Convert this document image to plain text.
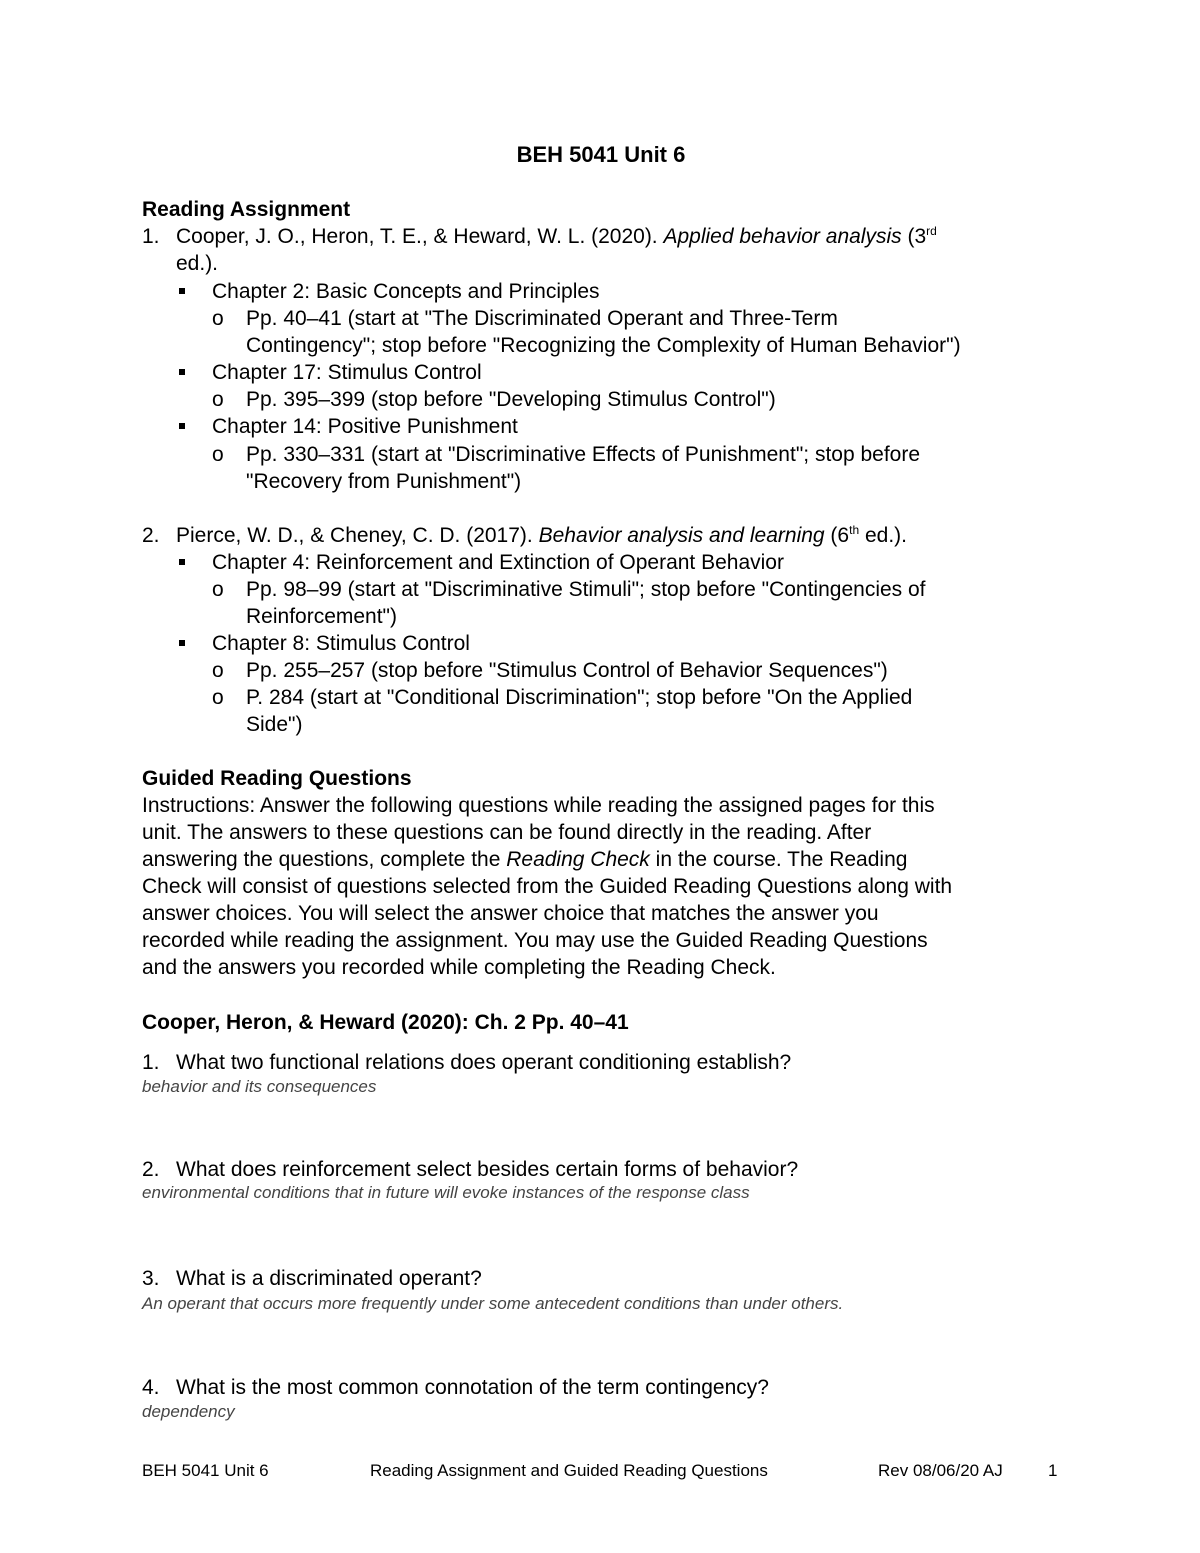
BEH 5041 Unit 6
Reading Assignment
1. Cooper, J. O., Heron, T. E., & Heward, W. L. (2020). Applied behavior analysis (3rd
ed.).
Chapter 2: Basic Concepts and Principles
o Pp. 40–41 (start at "The Discriminated Operant and Three-Term
Contingency"; stop before "Recognizing the Complexity of Human Behavior")
Chapter 17: Stimulus Control
o Pp. 395–399 (stop before "Developing Stimulus Control")
Chapter 14: Positive Punishment
o Pp. 330–331 (start at "Discriminative Effects of Punishment"; stop before
"Recovery from Punishment")
2. Pierce, W. D., & Cheney, C. D. (2017). Behavior analysis and learning (6th ed.).
Chapter 4: Reinforcement and Extinction of Operant Behavior
o Pp. 98–99 (start at "Discriminative Stimuli"; stop before "Contingencies of
Reinforcement")
Chapter 8: Stimulus Control
o Pp. 255–257 (stop before "Stimulus Control of Behavior Sequences")
o P. 284 (start at "Conditional Discrimination"; stop before "On the Applied
Side")
Guided Reading Questions
Instructions: Answer the following questions while reading the assigned pages for this
unit. The answers to these questions can be found directly in the reading. After
answering the questions, complete the Reading Check in the course. The Reading
Check will consist of questions selected from the Guided Reading Questions along with
answer choices. You will select the answer choice that matches the answer you
recorded while reading the assignment. You may use the Guided Reading Questions
and the answers you recorded while completing the Reading Check.
Cooper, Heron, & Heward (2020): Ch. 2 Pp. 40–41
1. What two functional relations does operant conditioning establish?
behavior and its consequences
2. What does reinforcement select besides certain forms of behavior?
environmental conditions that in future will evoke instances of the response class
3. What is a discriminated operant?
An operant that occurs more frequently under some antecedent conditions than under others.
4. What is the most common connotation of the term contingency?
dependency
BEH 5041 Unit 6	Reading Assignment and Guided Reading Questions	Rev 08/06/20 AJ	1
